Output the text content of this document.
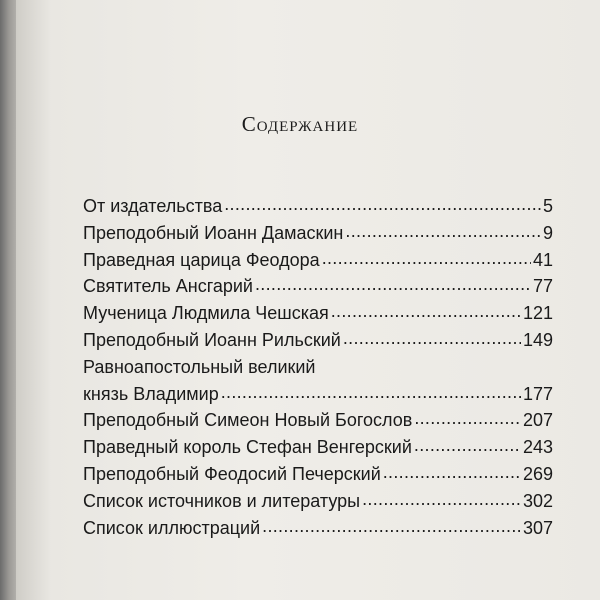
Содержание
От издательства . . .	5
Преподобный Иоанн Дамаскин . . .	9
Праведная царица Феодора . . .	41
Святитель Ансгарий . . .	77
Мученица Людмила Чешская . . .	121
Преподобный Иоанн Рильский . . .	149
Равноапостольный великий
князь Владимир . . .	177
Преподобный Симеон Новый Богослов . . .	207
Праведный король Стефан Венгерский . . .	243
Преподобный Феодосий Печерский . . .	269
Список источников и литературы . . .	302
Список иллюстраций . . .	307
